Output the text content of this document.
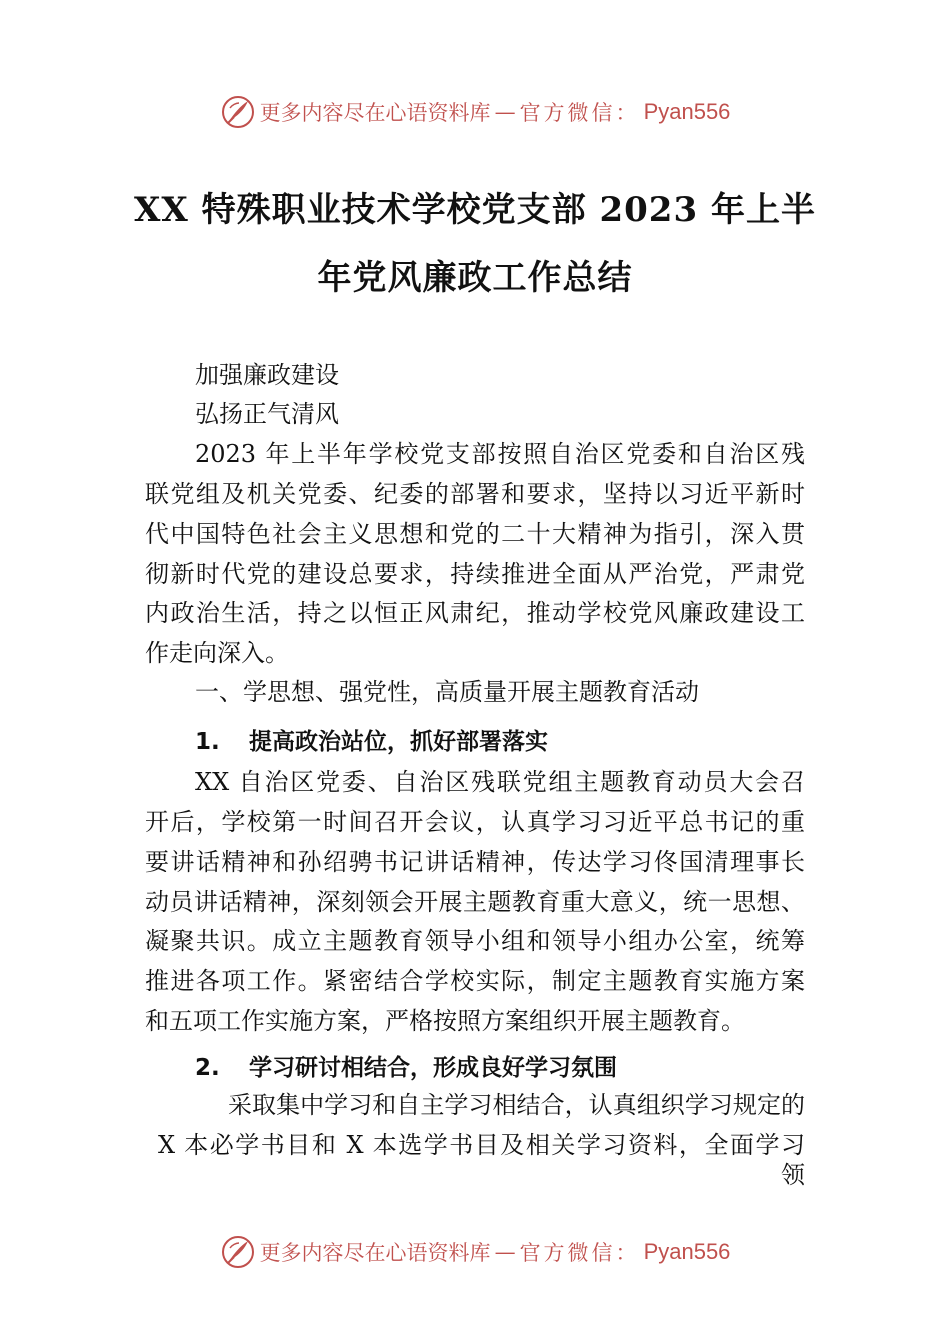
更多内容尽在心语资料库 — 官方微信： Pyan556
XX 特殊职业技术学校党支部 2023 年上半
年党风廉政工作总结
加强廉政建设
弘扬正气清风
2023 年上半年学校党支部按照自治区党委和自治区残
联党组及机关党委、纪委的部署和要求，坚持以习近平新时
代中国特色社会主义思想和党的二十大精神为指引，深入贯
彻新时代党的建设总要求，持续推进全面从严治党，严肃党
内政治生活，持之以恒正风肃纪，推动学校党风廉政建设工
作走向深入。
一、学思想、强党性，高质量开展主题教育活动
1. 提高政治站位，抓好部署落实
XX 自治区党委、自治区残联党组主题教育动员大会召
开后，学校第一时间召开会议，认真学习习近平总书记的重
要讲话精神和孙绍骋书记讲话精神，传达学习佟国清理事长
动员讲话精神，深刻领会开展主题教育重大意义，统一思想、
凝聚共识。成立主题教育领导小组和领导小组办公室，统筹
推进各项工作。紧密结合学校实际，制定主题教育实施方案
和五项工作实施方案，严格按照方案组织开展主题教育。
2. 学习研讨相结合，形成良好学习氛围
采取集中学习和自主学习相结合，认真组织学习规定的
X 本必学书目和 X 本选学书目及相关学习资料，全面学习
领
更多内容尽在心语资料库 — 官方微信： Pyan556
